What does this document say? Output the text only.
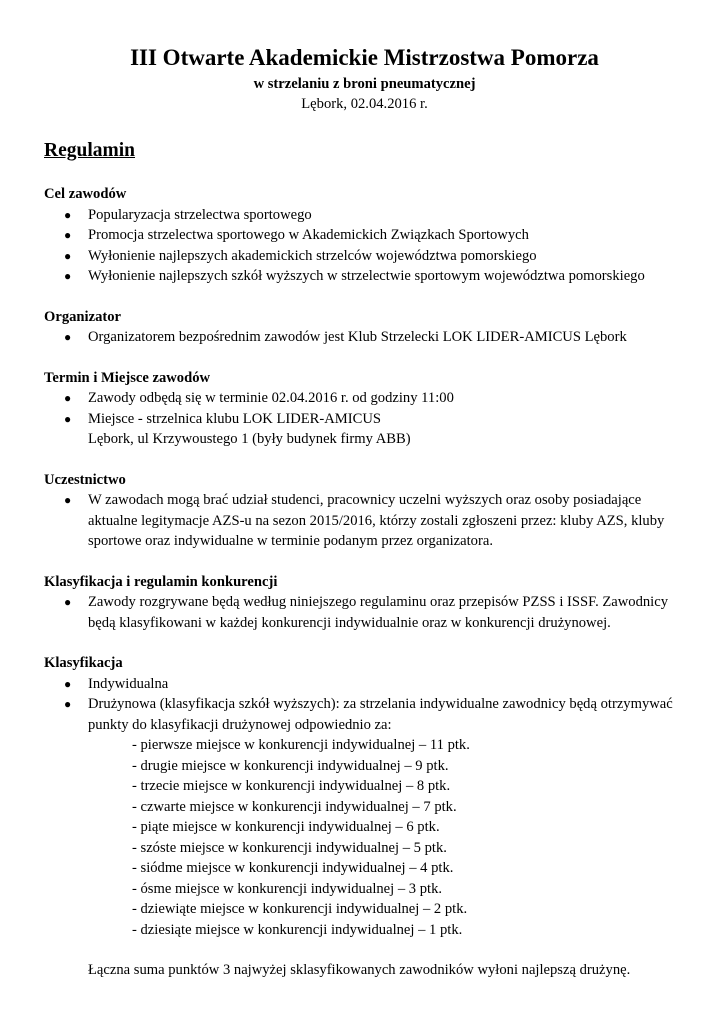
III Otwarte Akademickie Mistrzostwa Pomorza

w strzelaniu z broni pneumatycznej

Lębork, 02.04.2016 r.

Regulamin

Cel zawodów

● Popularyzacja strzelectwa sportowego
● Promocja strzelectwa sportowego w Akademickich Związkach Sportowych
● Wyłonienie najlepszych akademickich strzelców województwa pomorskiego
● Wyłonienie najlepszych szkół wyższych w strzelectwie sportowym województwa pomorskiego

Organizator

● Organizatorem bezpośrednim zawodów jest Klub Strzelecki LOK LIDER-AMICUS Lębork

Termin i Miejsce zawodów

● Zawody odbędą się w terminie 02.04.2016 r. od godziny 11:00
● Miejsce - strzelnica klubu LOK LIDER-AMICUS
Lębork, ul Krzywoustego 1 (były budynek firmy ABB)

Uczestnictwo

● W zawodach mogą brać udział studenci, pracownicy uczelni wyższych oraz osoby posiadające
aktualne legitymacje AZS-u na sezon 2015/2016, którzy zostali zgłoszeni przez: kluby AZS, kluby
sportowe oraz indywidualne w terminie podanym przez organizatora.

Klasyfikacja i regulamin konkurencji

● Zawody rozgrywane będą według niniejszego regulaminu oraz przepisów PZSS i ISSF. Zawodnicy
będą klasyfikowani w każdej konkurencji indywidualnie oraz w konkurencji drużynowej.

Klasyfikacja

● Indywidualna
● Drużynowa (klasyfikacja szkół wyższych): za strzelania indywidualne zawodnicy będą otrzymywać
punkty do klasyfikacji drużynowej odpowiednio za:
- pierwsze miejsce w konkurencji indywidualnej – 11 ptk.
- drugie miejsce w konkurencji indywidualnej – 9 ptk.
- trzecie miejsce w konkurencji indywidualnej – 8 ptk.
- czwarte miejsce w konkurencji indywidualnej – 7 ptk.
- piąte miejsce w konkurencji indywidualnej – 6 ptk.
- szóste miejsce w konkurencji indywidualnej – 5 ptk.
- siódme miejsce w konkurencji indywidualnej – 4 ptk.
- ósme miejsce w konkurencji indywidualnej – 3 ptk.
- dziewiąte miejsce w konkurencji indywidualnej – 2 ptk.
- dziesiąte miejsce w konkurencji indywidualnej – 1 ptk.

Łączna suma punktów 3 najwyżej sklasyfikowanych zawodników wyłoni najlepszą drużynę.
